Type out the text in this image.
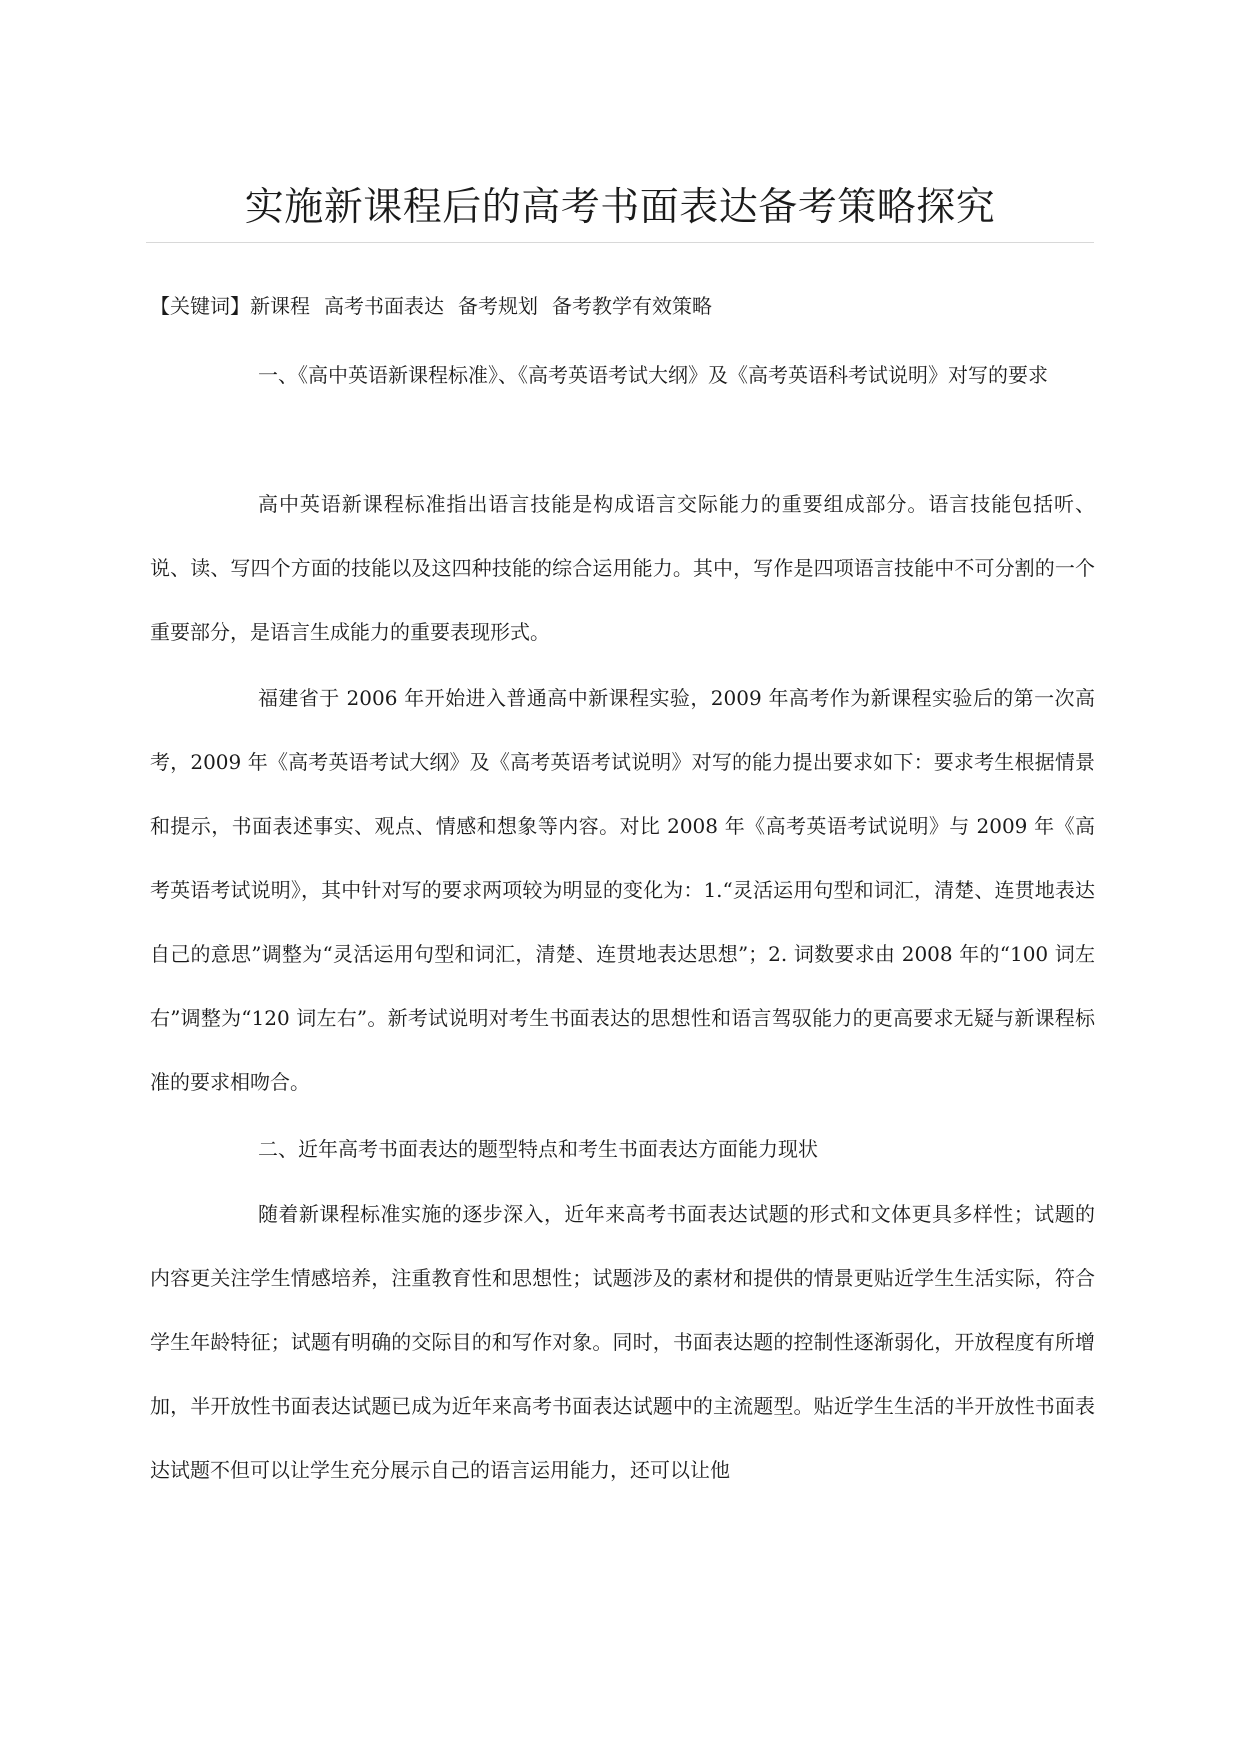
实施新课程后的高考书面表达备考策略探究

【关键词】新课程 高考书面表达 备考规划 备考教学有效策略

一、《高中英语新课程标准》、《高考英语考试大纲》及《高考英语科考试说明》对写的要求

高中英语新课程标准指出语言技能是构成语言交际能力的重要组成部分。语言技能包括听、说、读、写四个方面的技能以及这四种技能的综合运用能力。其中，写作是四项语言技能中不可分割的一个重要部分，是语言生成能力的重要表现形式。

福建省于 2006 年开始进入普通高中新课程实验，2009 年高考作为新课程实验后的第一次高考，2009 年《高考英语考试大纲》及《高考英语考试说明》对写的能力提出要求如下：要求考生根据情景和提示，书面表述事实、观点、情感和想象等内容。对比 2008 年《高考英语考试说明》与 2009 年《高考英语考试说明》，其中针对写的要求两项较为明显的变化为：1.“灵活运用句型和词汇，清楚、连贯地表达自己的意思”调整为“灵活运用句型和词汇，清楚、连贯地表达思想”；2. 词数要求由 2008 年的“100 词左右”调整为“120 词左右”。新考试说明对考生书面表达的思想性和语言驾驭能力的更高要求无疑与新课程标准的要求相吻合。

二、近年高考书面表达的题型特点和考生书面表达方面能力现状

随着新课程标准实施的逐步深入，近年来高考书面表达试题的形式和文体更具多样性；试题的内容更关注学生情感培养，注重教育性和思想性；试题涉及的素材和提供的情景更贴近学生生活实际，符合学生年龄特征；试题有明确的交际目的和写作对象。同时，书面表达题的控制性逐渐弱化，开放程度有所增加，半开放性书面表达试题已成为近年来高考书面表达试题中的主流题型。贴近学生生活的半开放性书面表达试题不但可以让学生充分展示自己的语言运用能力，还可以让他
